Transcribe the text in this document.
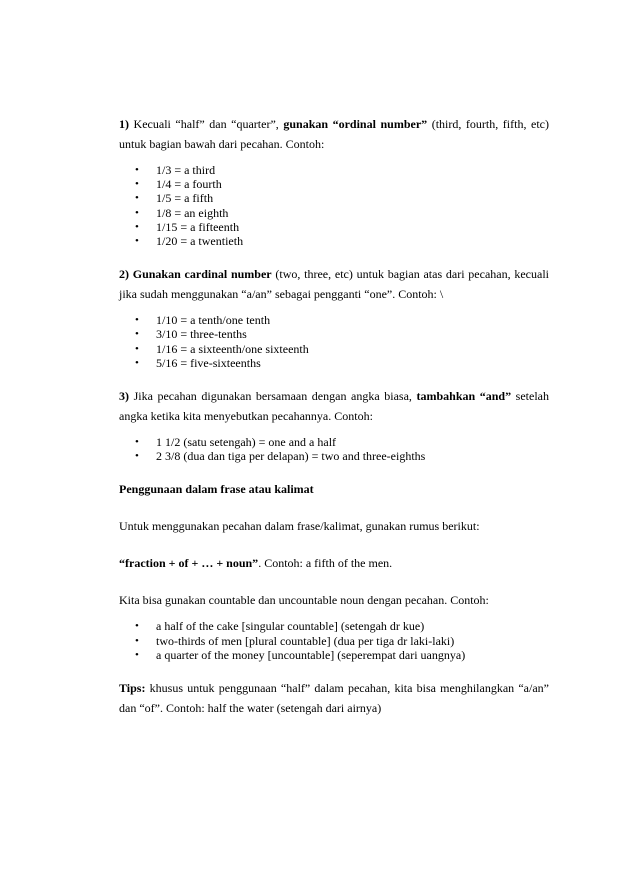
1) Kecuali “half” dan “quarter”, gunakan “ordinal number” (third, fourth, fifth, etc) untuk bagian bawah dari pecahan. Contoh:

• 1/3 = a third
• 1/4 = a fourth
• 1/5 = a fifth
• 1/8 = an eighth
• 1/15 = a fifteenth
• 1/20 = a twentieth

2) Gunakan cardinal number (two, three, etc) untuk bagian atas dari pecahan, kecuali jika sudah menggunakan “a/an” sebagai pengganti “one”. Contoh: \

• 1/10 = a tenth/one tenth
• 3/10 = three-tenths
• 1/16 = a sixteenth/one sixteenth
• 5/16 = five-sixteenths

3) Jika pecahan digunakan bersamaan dengan angka biasa, tambahkan “and” setelah angka ketika kita menyebutkan pecahannya. Contoh:

• 1 1/2 (satu setengah) = one and a half
• 2 3/8 (dua dan tiga per delapan) = two and three-eighths

Penggunaan dalam frase atau kalimat

Untuk menggunakan pecahan dalam frase/kalimat, gunakan rumus berikut:

“fraction + of + … + noun”. Contoh: a fifth of the men.

Kita bisa gunakan countable dan uncountable noun dengan pecahan. Contoh:

• a half of the cake [singular countable] (setengah dr kue)
• two-thirds of men [plural countable] (dua per tiga dr laki-laki)
• a quarter of the money [uncountable] (seperempat dari uangnya)

Tips: khusus untuk penggunaan “half” dalam pecahan, kita bisa menghilangkan “a/an” dan “of”. Contoh: half the water (setengah dari airnya)
